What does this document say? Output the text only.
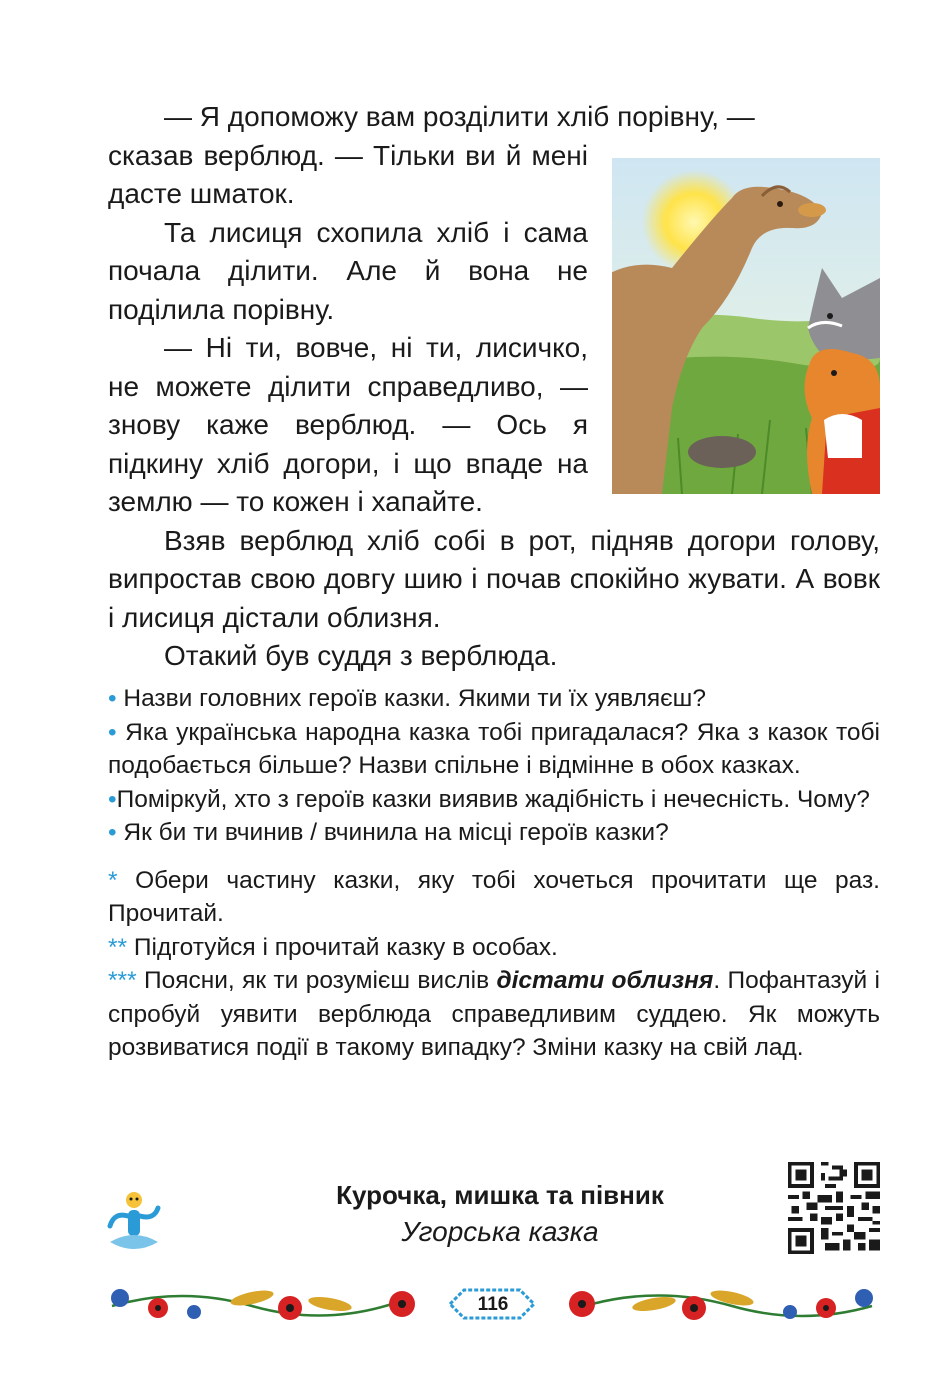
— Я допоможу вам розділити хліб порівну, —

сказав верблюд. — Тільки ви й мені дасте шматок.

Та лисиця схопила хліб і сама почала ділити. Але й вона не поділила порівну.

— Ні ти, вовче, ні ти, лисичко, не можете ділити справедливо, — знову каже верблюд. — Ось я підкину хліб догори, і що впаде на землю — то кожен і хапайте.

Взяв верблюд хліб собі в рот, підняв догори голову, випростав свою довгу шию і почав спокійно жувати. А вовк і лисиця дістали облизня.

Отакий був суддя з верблюда.

• Назви головних героїв казки. Якими ти їх уявляєш?

• Яка українська народна казка тобі пригадалася? Яка з казок тобі подобається більше? Назви спільне і відмінне в обох казках.

•Поміркуй, хто з героїв казки виявив жадібність і нечесність. Чому?

• Як би ти вчинив / вчинила на місці героїв казки?

* Обери частину казки, яку тобі хочеться прочитати ще раз. Прочитай.

** Підготуйся і прочитай казку в особах.

*** Поясни, як ти розумієш вислів дістати облизня. Пофантазуй і спробуй уявити верблюда справедливим суддею. Як можуть розвиватися події в такому випадку? Зміни казку на свій лад.

Курочка, мишка та півник
Угорська казка
116
